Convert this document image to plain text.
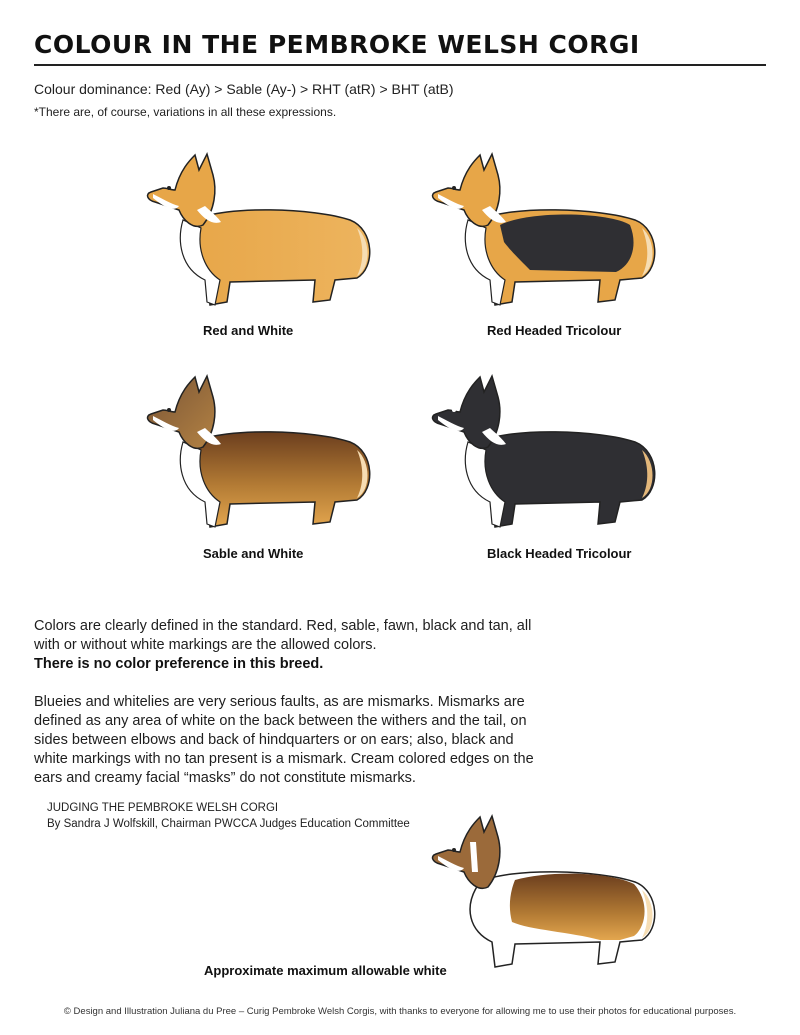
COLOUR IN THE PEMBROKE WELSH CORGI
Colour dominance: Red (Ay) > Sable (Ay-) > RHT (atR) > BHT (atB)
*There are, of course, variations in all these expressions.
Red and White	Red Headed Tricolour
Sable and White	Black Headed Tricolour

Colors are clearly defined in the standard. Red, sable, fawn, black and tan, all with or without white markings are the allowed colors.
There is no color preference in this breed.

Blueies and whitelies are very serious faults, as are mismarks. Mismarks are defined as any area of white on the back between the withers and the tail, on sides between elbows and back of hindquarters or on ears; also, black and white markings with no tan present is a mismark. Cream colored edges on the ears and creamy facial “masks” do not constitute mismarks.

JUDGING THE PEMBROKE WELSH CORGI
By Sandra J Wolfskill, Chairman PWCCA Judges Education Committee
Approximate maximum allowable white
© Design and Illustration Juliana du Pree – Curig Pembroke Welsh Corgis, with thanks to everyone for allowing me to use their photos for educational purposes.
